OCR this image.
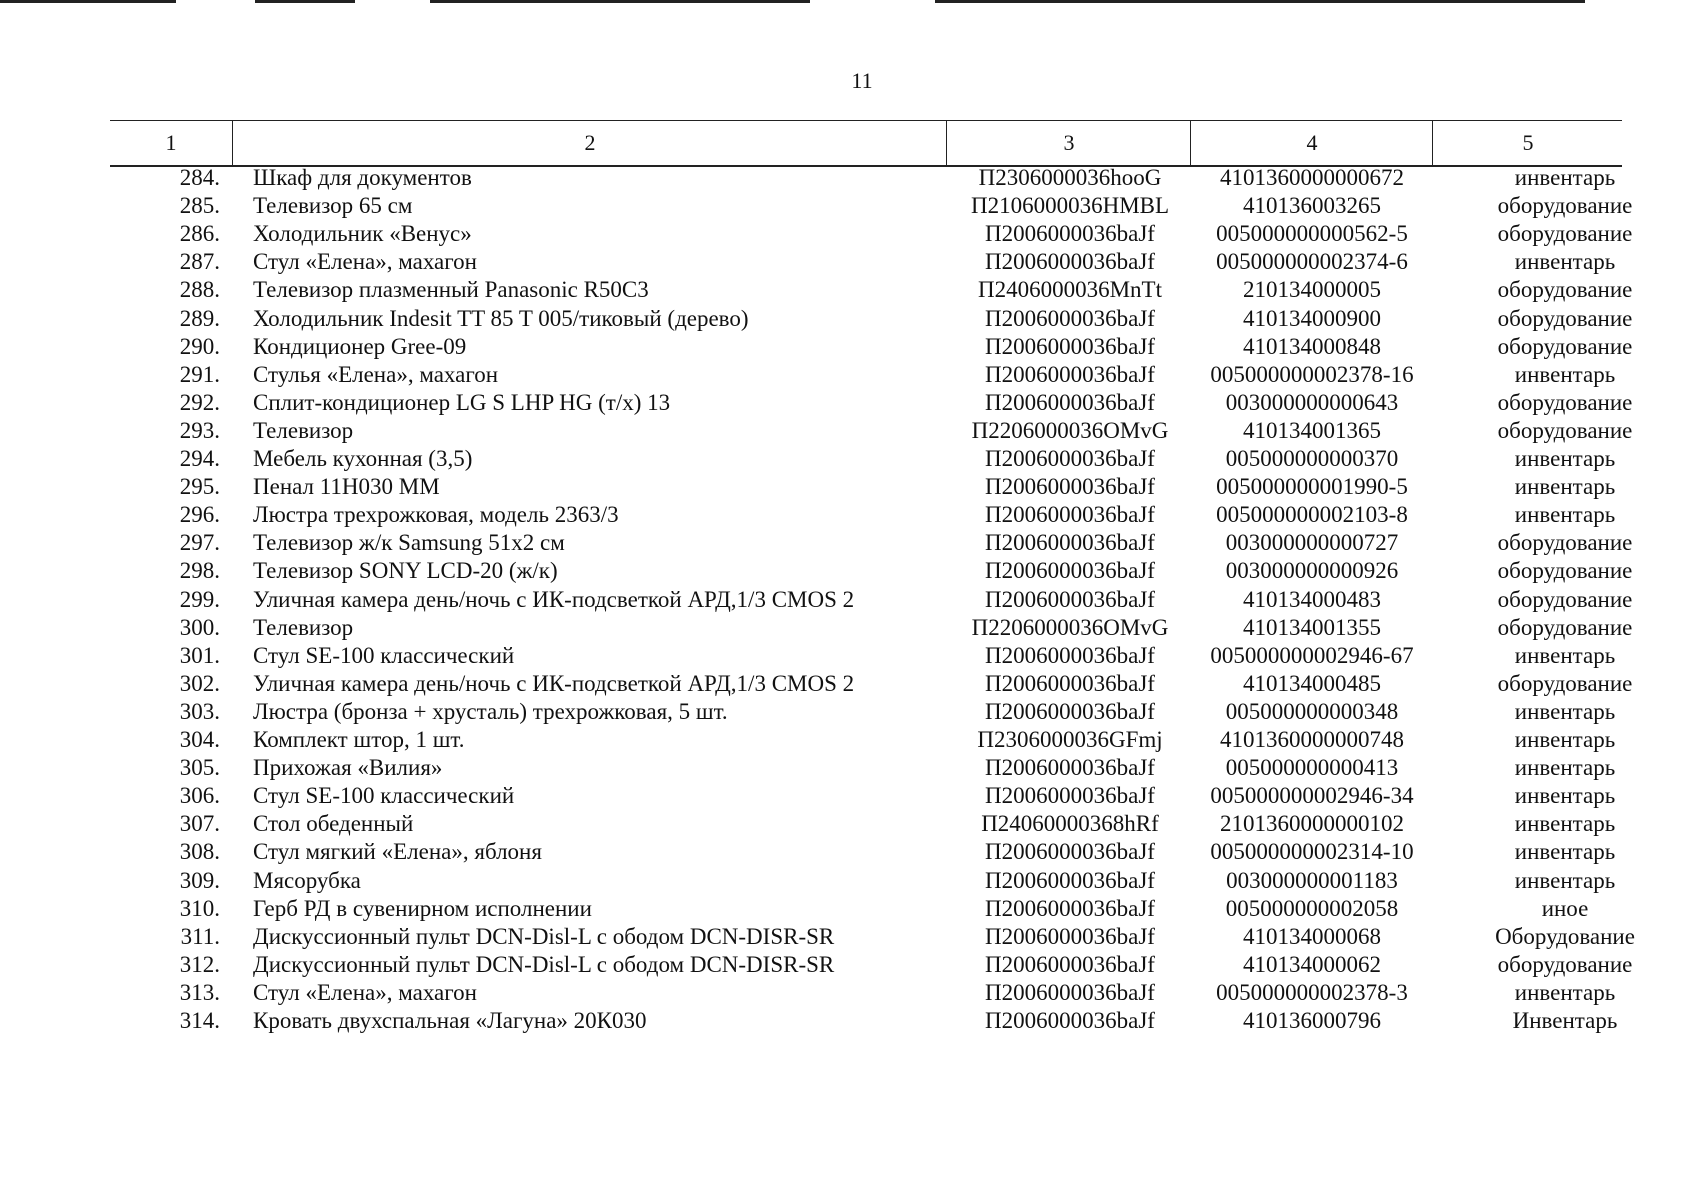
11
1	2	3	4	5
284. Шкаф для документов	П2306000036hooG	4101360000000672	инвентарь
285. Телевизор 65 см	П2106000036HMBL	410136003265	оборудование
286. Холодильник «Венус»	П2006000036baJf	005000000000562-5	оборудование
287. Стул «Елена», махагон	П2006000036baJf	005000000002374-6	инвентарь
288. Телевизор плазменный Panasonic R50C3	П2406000036MnTt	210134000005	оборудование
289. Холодильник Indesit TT 85 T 005/тиковый (дерево)	П2006000036baJf	410134000900	оборудование
290. Кондиционер Gree-09	П2006000036baJf	410134000848	оборудование
291. Стулья «Елена», махагон	П2006000036baJf	005000000002378-16	инвентарь
292. Сплит-кондиционер LG S LHP HG (т/х) 13	П2006000036baJf	003000000000643	оборудование
293. Телевизор	П2206000036OMvG	410134001365	оборудование
294. Мебель кухонная (3,5)	П2006000036baJf	005000000000370	инвентарь
295. Пенал 11Н030 ММ	П2006000036baJf	005000000001990-5	инвентарь
296. Люстра трехрожковая, модель 2363/3	П2006000036baJf	005000000002103-8	инвентарь
297. Телевизор ж/к Samsung 51x2 см	П2006000036baJf	003000000000727	оборудование
298. Телевизор SONY LCD-20 (ж/к)	П2006000036baJf	003000000000926	оборудование
299. Уличная камера день/ночь с ИК-подсветкой АРД,1/3 CMOS 2	П2006000036baJf	410134000483	оборудование
300. Телевизор	П2206000036OMvG	410134001355	оборудование
301. Стул SE-100 классический	П2006000036baJf	005000000002946-67	инвентарь
302. Уличная камера день/ночь с ИК-подсветкой АРД,1/3 CMOS 2	П2006000036baJf	410134000485	оборудование
303. Люстра (бронза + хрусталь) трехрожковая, 5 шт.	П2006000036baJf	005000000000348	инвентарь
304. Комплект штор, 1 шт.	П2306000036GFmj	4101360000000748	инвентарь
305. Прихожая «Вилия»	П2006000036baJf	005000000000413	инвентарь
306. Стул SE-100 классический	П2006000036baJf	005000000002946-34	инвентарь
307. Стол обеденный	П24060000368hRf	2101360000000102	инвентарь
308. Стул мягкий «Елена», яблоня	П2006000036baJf	005000000002314-10	инвентарь
309. Мясорубка	П2006000036baJf	003000000001183	инвентарь
310. Герб РД в сувенирном исполнении	П2006000036baJf	005000000002058	иное
311. Дискуссионный пульт DCN-Disl-L с ободом DCN-DISR-SR	П2006000036baJf	410134000068	Оборудование
312. Дискуссионный пульт DCN-Disl-L с ободом DCN-DISR-SR	П2006000036baJf	410134000062	оборудование
313. Стул «Елена», махагон	П2006000036baJf	005000000002378-3	инвентарь
314. Кровать двухспальная «Лагуна» 20К030	П2006000036baJf	410136000796	Инвентарь
